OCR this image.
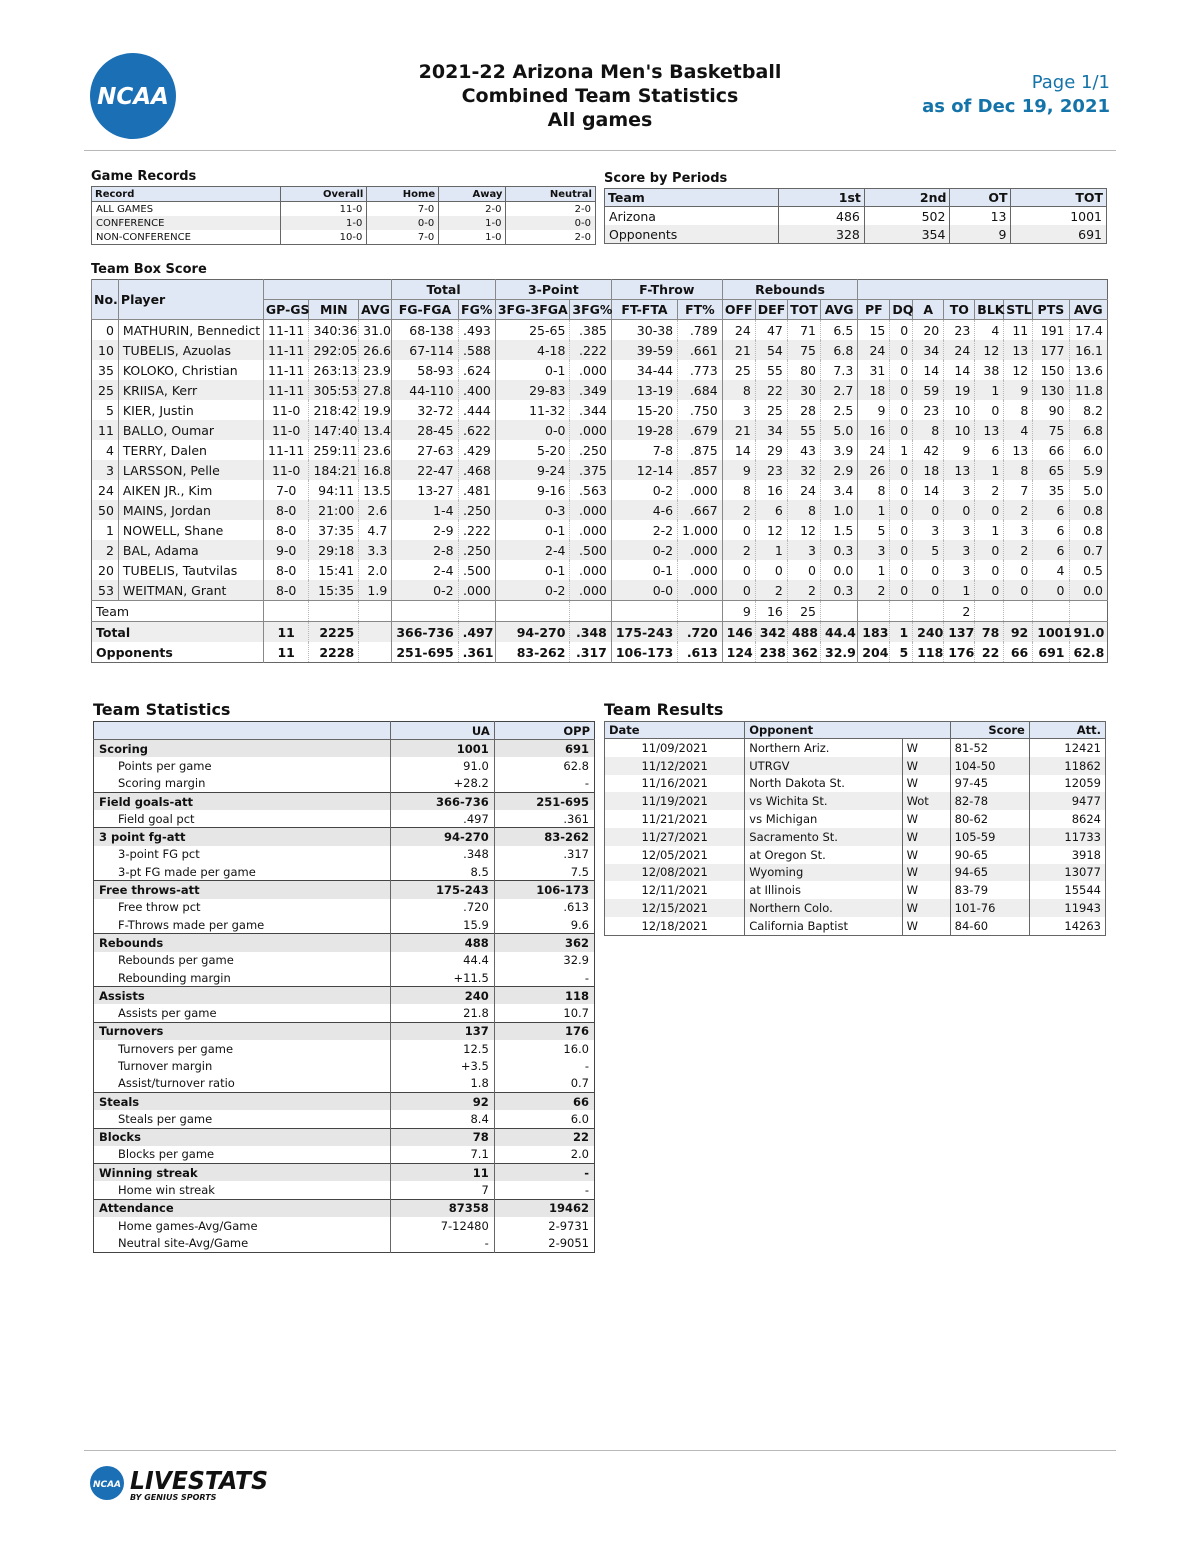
NCAA
2021-22 Arizona Men's Basketball
Combined Team Statistics
All games
Page 1/1
as of Dec 19, 2021
Game Records
Record	Overall	Home	Away	Neutral
ALL GAMES	11-0	7-0	2-0	2-0
CONFERENCE	1-0	0-0	1-0	0-0
NON-CONFERENCE	10-0	7-0	1-0	2-0
Score by Periods
Team	1st	2nd	OT	TOT
Arizona	486	502	13	1001
Opponents	328	354	9	691
Team Box Score
No.	Player				Total		3-Point		F-Throw		Rebounds											
		GP-GS	MIN	AVG	FG-FGA	FG%	3FG-3FGA	3FG%	FT-FTA	FT%	OFF	DEF	TOT	AVG	PF	DQ	A	TO	BLK	STL	PTS	AVG
0	MATHURIN, Bennedict	11-11	340:36	31.0	68-138	.493	25-65	.385	30-38	.789	24	47	71	6.5	15	0	20	23	4	11	191	17.4
10	TUBELIS, Azuolas	11-11	292:05	26.6	67-114	.588	4-18	.222	39-59	.661	21	54	75	6.8	24	0	34	24	12	13	177	16.1
35	KOLOKO, Christian	11-11	263:13	23.9	58-93	.624	0-1	.000	34-44	.773	25	55	80	7.3	31	0	14	14	38	12	150	13.6
25	KRIISA, Kerr	11-11	305:53	27.8	44-110	.400	29-83	.349	13-19	.684	8	22	30	2.7	18	0	59	19	1	9	130	11.8
5	KIER, Justin	11-0	218:42	19.9	32-72	.444	11-32	.344	15-20	.750	3	25	28	2.5	9	0	23	10	0	8	90	8.2
11	BALLO, Oumar	11-0	147:40	13.4	28-45	.622	0-0	.000	19-28	.679	21	34	55	5.0	16	0	8	10	13	4	75	6.8
4	TERRY, Dalen	11-11	259:11	23.6	27-63	.429	5-20	.250	7-8	.875	14	29	43	3.9	24	1	42	9	6	13	66	6.0
3	LARSSON, Pelle	11-0	184:21	16.8	22-47	.468	9-24	.375	12-14	.857	9	23	32	2.9	26	0	18	13	1	8	65	5.9
24	AIKEN JR., Kim	7-0	94:11	13.5	13-27	.481	9-16	.563	0-2	.000	8	16	24	3.4	8	0	14	3	2	7	35	5.0
50	MAINS, Jordan	8-0	21:00	2.6	1-4	.250	0-3	.000	4-6	.667	2	6	8	1.0	1	0	0	0	0	2	6	0.8
1	NOWELL, Shane	8-0	37:35	4.7	2-9	.222	0-1	.000	2-2	1.000	0	12	12	1.5	5	0	3	3	1	3	6	0.8
2	BAL, Adama	9-0	29:18	3.3	2-8	.250	2-4	.500	0-2	.000	2	1	3	0.3	3	0	5	3	0	2	6	0.7
20	TUBELIS, Tautvilas	8-0	15:41	2.0	2-4	.500	0-1	.000	0-1	.000	0	0	0	0.0	1	0	0	3	0	0	4	0.5
53	WEITMAN, Grant	8-0	15:35	1.9	0-2	.000	0-2	.000	0-0	.000	0	2	2	0.3	2	0	0	1	0	0	0	0.0
Team											9	16	25					2				
Total		11	2225		366-736	.497	94-270	.348	175-243	.720	146	342	488	44.4	183	1	240	137	78	92	1001	91.0
Opponents		11	2228		251-695	.361	83-262	.317	106-173	.613	124	238	362	32.9	204	5	118	176	22	66	691	62.8
Team Statistics
	UA	OPP
Scoring	1001	691
Points per game	91.0	62.8
Scoring margin	+28.2	-
Field goals-att	366-736	251-695
Field goal pct	.497	.361
3 point fg-att	94-270	83-262
3-point FG pct	.348	.317
3-pt FG made per game	8.5	7.5
Free throws-att	175-243	106-173
Free throw pct	.720	.613
F-Throws made per game	15.9	9.6
Rebounds	488	362
Rebounds per game	44.4	32.9
Rebounding margin	+11.5	-
Assists	240	118
Assists per game	21.8	10.7
Turnovers	137	176
Turnovers per game	12.5	16.0
Turnover margin	+3.5	-
Assist/turnover ratio	1.8	0.7
Steals	92	66
Steals per game	8.4	6.0
Blocks	78	22
Blocks per game	7.1	2.0
Winning streak	11	-
Home win streak	7	-
Attendance	87358	19462
Home games-Avg/Game	7-12480	2-9731
Neutral site-Avg/Game	-	2-9051
Team Results
Date	Opponent		Score	Att.
11/09/2021	Northern Ariz.	W	81-52	12421
11/12/2021	UTRGV	W	104-50	11862
11/16/2021	North Dakota St.	W	97-45	12059
11/19/2021	vs Wichita St.	Wot	82-78	9477
11/21/2021	vs Michigan	W	80-62	8624
11/27/2021	Sacramento St.	W	105-59	11733
12/05/2021	at Oregon St.	W	90-65	3918
12/08/2021	Wyoming	W	94-65	13077
12/11/2021	at Illinois	W	83-79	15544
12/15/2021	Northern Colo.	W	101-76	11943
12/18/2021	California Baptist	W	84-60	14263
NCAA LIVESTATS
BY GENIUS SPORTS
